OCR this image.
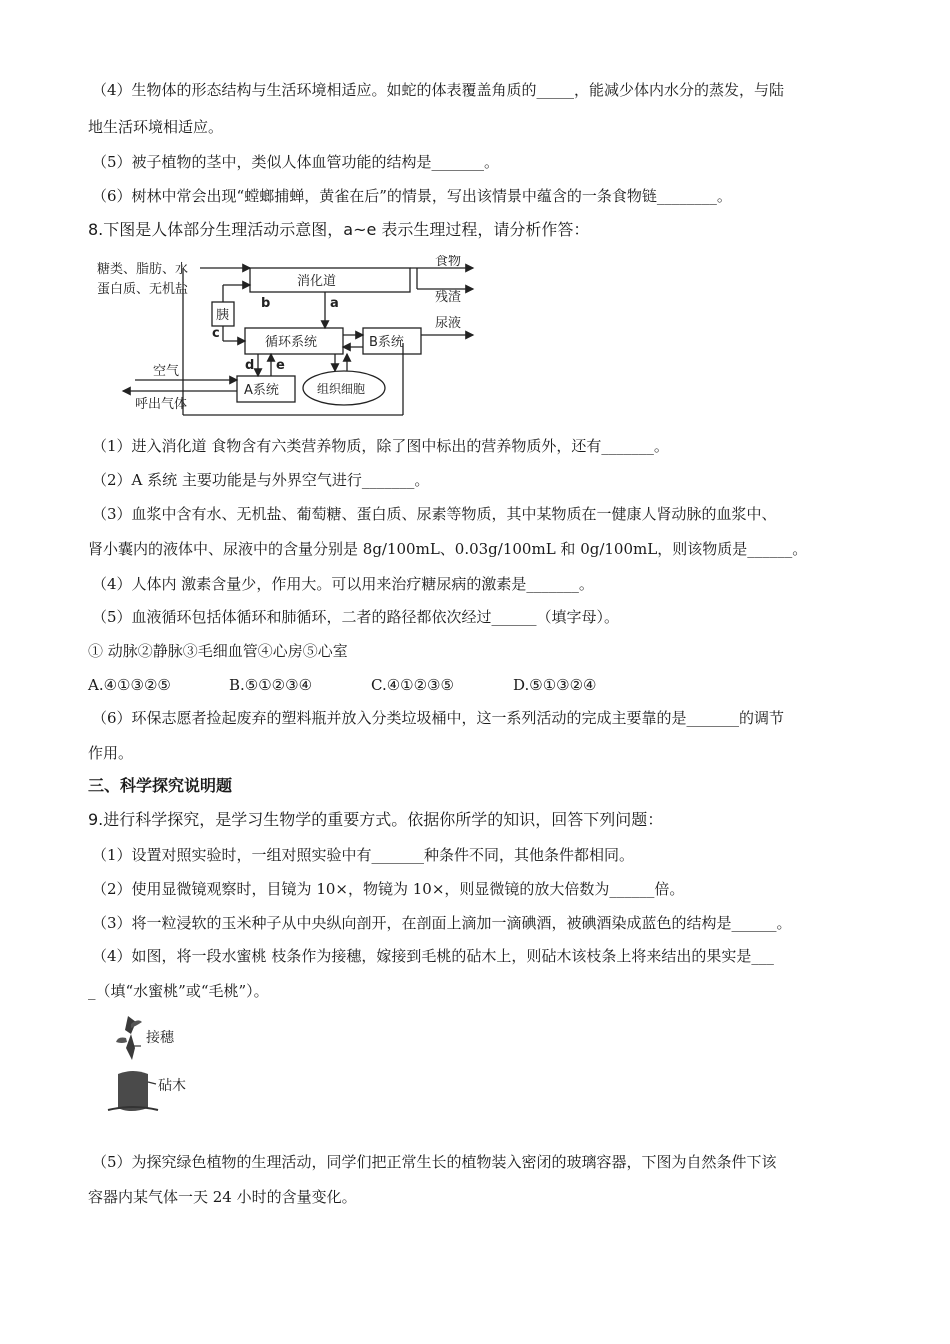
（4）生物体的形态结构与生活环境相适应。如蛇的体表覆盖角质的_____，能减少体内水分的蒸发，与陆
地生活环境相适应。
（5）被子植物的茎中，类似人体血管功能的结构是_______。
（6）树林中常会出现“螳螂捕蝉，黄雀在后”的情景，写出该情景中蕴含的一条食物链________。
8.下图是人体部分生理活动示意图，a~e 表示生理过程，请分析作答：
糖类、脂肪、水
蛋白质、无机盐
消化道
食物
残渣
胰
循环系统	B系统
尿液
A系统	组织细胞
空气
呼出气体
a
b
c
d e
（1）进入消化道 食物含有六类营养物质，除了图中标出的营养物质外，还有_______。
（2）A 系统 主要功能是与外界空气进行_______。
（3）血浆中含有水、无机盐、葡萄糖、蛋白质、尿素等物质，其中某物质在一健康人肾动脉的血浆中、
肾小囊内的液体中、尿液中的含量分别是 8g/100mL、0.03g/100mL 和 0g/100mL，则该物质是______。
（4）人体内 激素含量少，作用大。可以用来治疗糖尿病的激素是_______。
（5）血液循环包括体循环和肺循环，二者的路径都依次经过______（填字母）。
① 动脉②静脉③毛细血管④心房⑤心室
A.④①③②⑤	B.⑤①②③④	C.④①②③⑤	D.⑤①③②④
（6）环保志愿者捡起废弃的塑料瓶并放入分类垃圾桶中，这一系列活动的完成主要靠的是_______的调节
作用。
三、科学探究说明题
9.进行科学探究，是学习生物学的重要方式。依据你所学的知识，回答下列问题：
（1）设置对照实验时，一组对照实验中有_______种条件不同，其他条件都相同。
（2）使用显微镜观察时，目镜为 10×，物镜为 10×，则显微镜的放大倍数为______倍。
（3）将一粒浸软的玉米种子从中央纵向剖开，在剖面上滴加一滴碘酒，被碘酒染成蓝色的结构是______。
（4）如图，将一段水蜜桃 枝条作为接穗，嫁接到毛桃的砧木上，则砧木该枝条上将来结出的果实是___
_（填“水蜜桃”或“毛桃”）。
接穗
砧木
（5）为探究绿色植物的生理活动，同学们把正常生长的植物装入密闭的玻璃容器，下图为自然条件下该
容器内某气体一天 24 小时的含量变化。
